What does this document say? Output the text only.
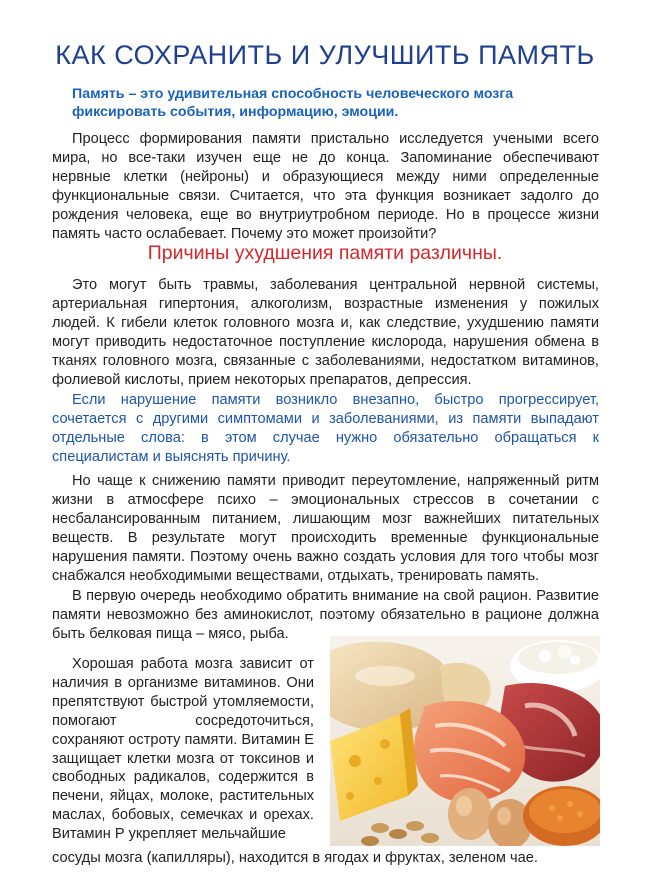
КАК СОХРАНИТЬ И УЛУЧШИТЬ ПАМЯТЬ

Память – это удивительная способность человеческого мозга фиксировать события, информацию, эмоции.

Процесс формирования памяти пристально исследуется учеными всего мира, но все-таки изучен еще не до конца. Запоминание обеспечивают нервные клетки (нейроны) и образующиеся между ними определенные функциональные связи. Считается, что эта функция возникает задолго до рождения человека, еще во внутриутробном периоде. Но в процессе жизни память часто ослабевает. Почему это может произойти?

Причины ухудшения памяти различны.

Это могут быть травмы, заболевания центральной нервной системы, артериальная гипертония, алкоголизм, возрастные изменения у пожилых людей. К гибели клеток головного мозга и, как следствие, ухудшению памяти могут приводить недостаточное поступление кислорода, нарушения обмена в тканях головного мозга, связанные с заболеваниями, недостатком витаминов, фолиевой кислоты, прием некоторых препаратов, депрессия.

Если нарушение памяти возникло внезапно, быстро прогрессирует, сочетается с другими симптомами и заболеваниями, из памяти выпадают отдельные слова: в этом случае нужно обязательно обращаться к специалистам и выяснять причину.

Но чаще к снижению памяти приводит переутомление, напряженный ритм жизни в атмосфере психо – эмоциональных стрессов в сочетании с несбалансированным питанием, лишающим мозг важнейших питательных веществ. В результате могут происходить временные функциональные нарушения памяти. Поэтому очень важно создать условия для того чтобы мозг снабжался необходимыми веществами, отдыхать, тренировать память.

В первую очередь необходимо обратить внимание на свой рацион. Развитие памяти невозможно без аминокислот, поэтому обязательно в рационе должна быть белковая пища – мясо, рыба.

Хорошая работа мозга зависит от наличия в организме витаминов. Они препятствуют быстрой утомляемости, помогают сосредоточиться, сохраняют остроту памяти. Витамин Е защищает клетки мозга от токсинов и свободных радикалов, содержится в печени, яйцах, молоке, растительных маслах, бобовых, семечках и орехах. Витамин Р укрепляет мельчайшие

сосуды мозга (капилляры), находится в ягодах и фруктах, зеленом чае.
